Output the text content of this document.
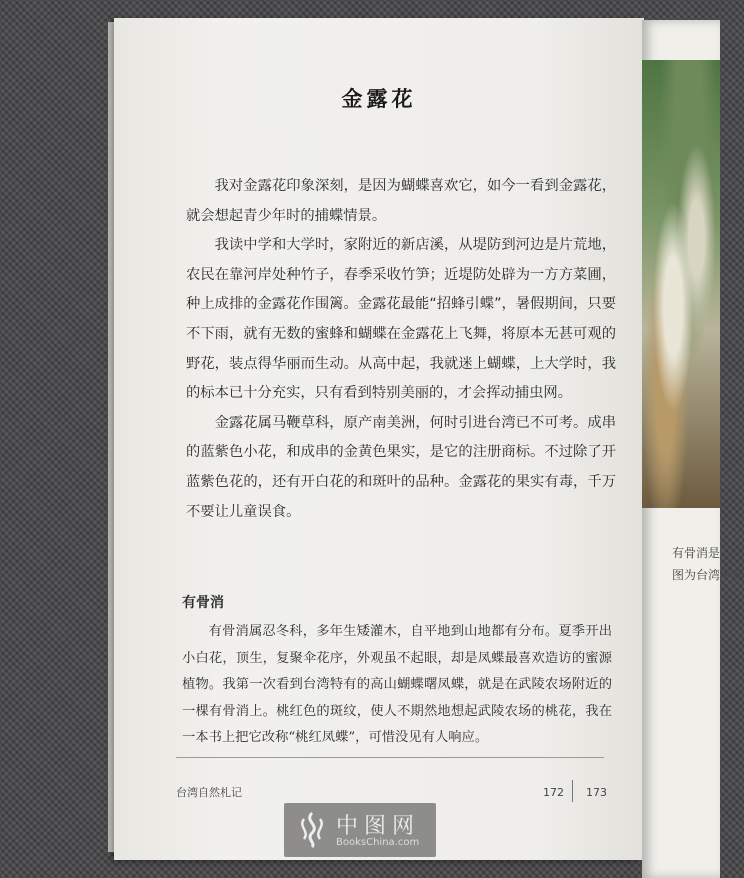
有骨消是
图为台湾中部
金露花

我对金露花印象深刻，是因为蝴蝶喜欢它，如今一看到金露花，就会想起青少年时的捕蝶情景。

我读中学和大学时，家附近的新店溪，从堤防到河边是片荒地，农民在靠河岸处种竹子，春季采收竹笋；近堤防处辟为一方方菜圃，种上成排的金露花作围篱。金露花最能“招蜂引蝶”，暑假期间，只要不下雨，就有无数的蜜蜂和蝴蝶在金露花上飞舞，将原本无甚可观的野花，装点得华丽而生动。从高中起，我就迷上蝴蝶，上大学时，我的标本已十分充实，只有看到特别美丽的，才会挥动捕虫网。

金露花属马鞭草科，原产南美洲，何时引进台湾已不可考。成串的蓝紫色小花，和成串的金黄色果实，是它的注册商标。不过除了开蓝紫色花的，还有开白花的和斑叶的品种。金露花的果实有毒，千万不要让儿童误食。

有骨消
有骨消属忍冬科，多年生矮灌木，自平地到山地都有分布。夏季开出小白花，顶生，复聚伞花序，外观虽不起眼，却是凤蝶最喜欢造访的蜜源植物。我第一次看到台湾特有的高山蝴蝶曙凤蝶，就是在武陵农场附近的一棵有骨消上。桃红色的斑纹，使人不期然地想起武陵农场的桃花，我在一本书上把它改称“桃红凤蝶”，可惜没见有人响应。
台湾自然札记	172 173
中图网
BooksChina.com
